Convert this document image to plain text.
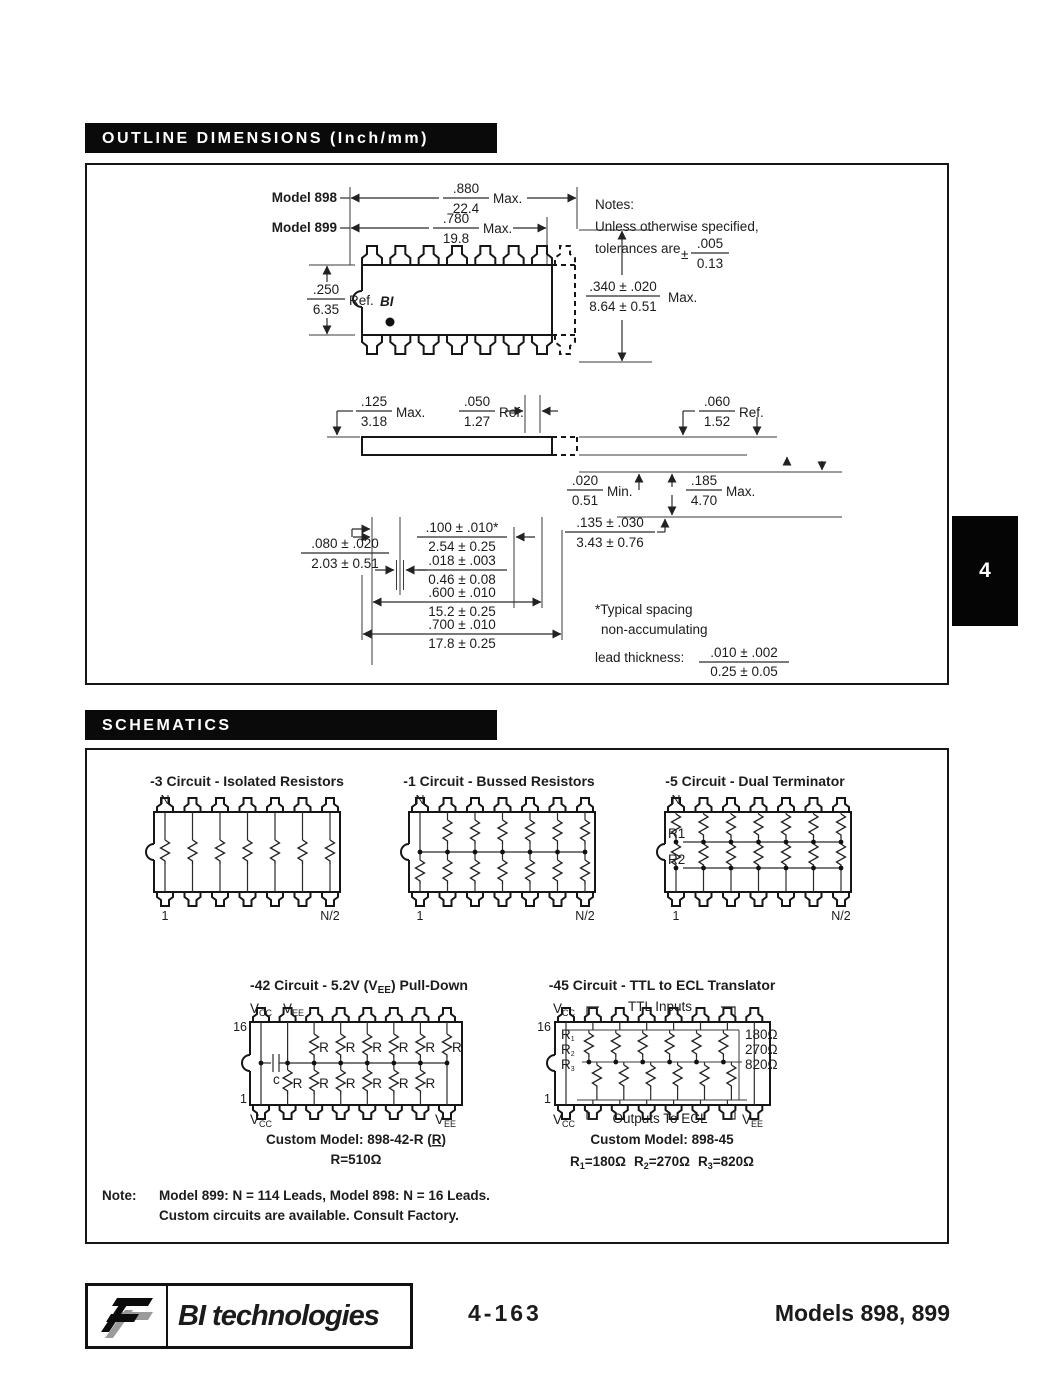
OUTLINE DIMENSIONS (Inch/mm)
SCHEMATICS
4
Model 898
Model 899
.880
22.4
Max.
.780
19.8
Max.
BI
.250
6.35
Ref.
.340 ± .020
8.64 ± 0.51
Max.
Notes:
Unless otherwise specified,
tolerances are ±
.005
0.13
.125
3.18
Max.
.050
1.27
Ref.
.060
1.52
Ref.
.020
0.51
Min.
.185
4.70
Max.
.080 ± .020
2.03 ± 0.51
.100 ± .010*
2.54 ± 0.25
.018 ± .003
0.46 ± 0.08
.600 ± .010
15.2 ± 0.25
.700 ± .010
17.8 ± 0.25
.135 ± .030
3.43 ± 0.76
*Typical spacing
non-accumulating
lead thickness: .010 ± .002
0.25 ± 0.05
-3 Circuit - Isolated Resistors	-1 Circuit - Bussed Resistors	-5 Circuit - Dual Terminator
N
1	N/2
N
1	N/2
R1
R2
N
1	N/2
-42 Circuit - 5.2V $(V_{EE})$ Pull-Down	-45 Circuit - TTL to ECL Translator
R R R R R R
R R R R R R
c
16
1
$V_{CC}$ $V_{EE}$
$V_{CC}$	$V_{EE}$
Custom Model: 898-42-R (R)
R=510Ω
R1
R2
R3
180Ω
270Ω
820Ω
16
1
$V_{CC}$	TTL Inputs
$V_{CC}$	Outputs To ECL	$V_{EE}$
Custom Model: 898-45
$R_1=180\Omega$ $R_2=270\Omega$ $R_3=820\Omega$
Note: Model 899: N = 114 Leads, Model 898: N = 16 Leads.
Custom circuits are available. Consult Factory.
BI technologies	4-163	Models 898, 899
